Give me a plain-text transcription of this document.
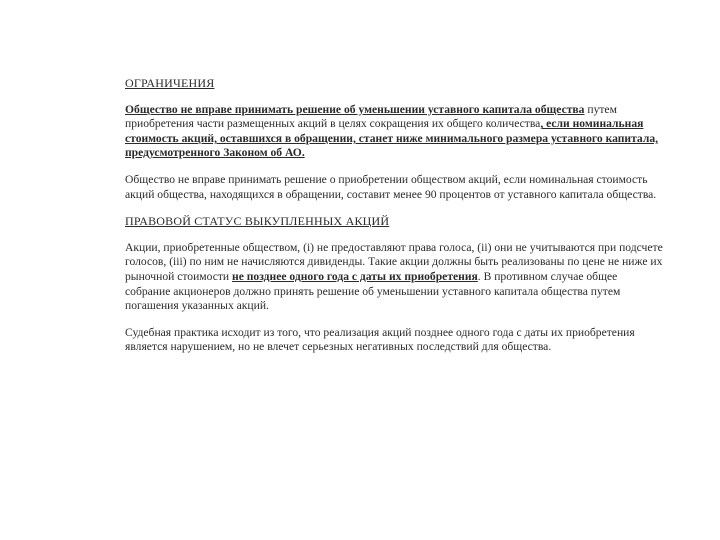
ОГРАНИЧЕНИЯ

Общество не вправе принимать решение об уменьшении уставного капитала общества путем приобретения части размещенных акций в целях сокращения их общего количества, если номинальная стоимость акций, оставшихся в обращении, станет ниже минимального размера уставного капитала, предусмотренного Законом об АО.

Общество не вправе принимать решение о приобретении обществом акций, если номинальная стоимость акций общества, находящихся в обращении, составит менее 90 процентов от уставного капитала общества.

ПРАВОВОЙ СТАТУС ВЫКУПЛЕННЫХ АКЦИЙ

Акции, приобретенные обществом, (i) не предоставляют права голоса, (ii) они не учитываются при подсчете голосов, (iii) по ним не начисляются дивиденды. Такие акции должны быть реализованы по цене не ниже их рыночной стоимости не позднее одного года с даты их приобретения. В противном случае общее собрание акционеров должно принять решение об уменьшении уставного капитала общества путем погашения указанных акций.

Судебная практика исходит из того, что реализация акций позднее одного года с даты их приобретения является нарушением, но не влечет серьезных негативных последствий для общества.
